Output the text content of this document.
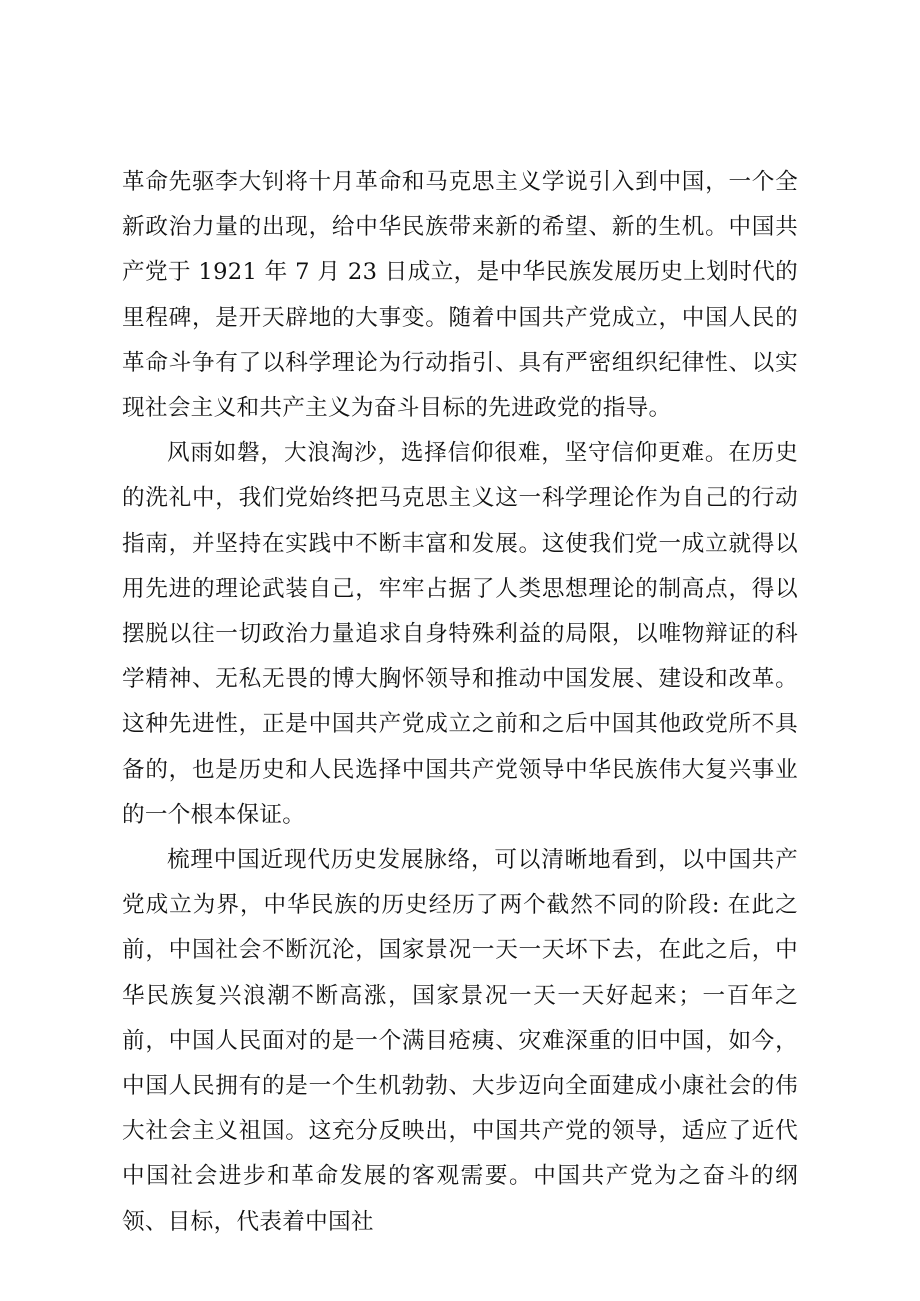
革命先驱李大钊将十月革命和马克思主义学说引入到中国，一个全新政治力量的出现，给中华民族带来新的希望、新的生机。中国共产党于 1921 年 7 月 23 日成立，是中华民族发展历史上划时代的里程碑，是开天辟地的大事变。随着中国共产党成立，中国人民的革命斗争有了以科学理论为行动指引、具有严密组织纪律性、以实现社会主义和共产主义为奋斗目标的先进政党的指导。

风雨如磐，大浪淘沙，选择信仰很难，坚守信仰更难。在历史的洗礼中，我们党始终把马克思主义这一科学理论作为自己的行动指南，并坚持在实践中不断丰富和发展。这使我们党一成立就得以用先进的理论武装自己，牢牢占据了人类思想理论的制高点，得以摆脱以往一切政治力量追求自身特殊利益的局限，以唯物辩证的科学精神、无私无畏的博大胸怀领导和推动中国发展、建设和改革。这种先进性，正是中国共产党成立之前和之后中国其他政党所不具备的，也是历史和人民选择中国共产党领导中华民族伟大复兴事业的一个根本保证。

梳理中国近现代历史发展脉络，可以清晰地看到，以中国共产党成立为界，中华民族的历史经历了两个截然不同的阶段: 在此之前，中国社会不断沉沦，国家景况一天一天坏下去，在此之后，中华民族复兴浪潮不断高涨，国家景况一天一天好起来；一百年之前，中国人民面对的是一个满目疮痍、灾难深重的旧中国，如今，中国人民拥有的是一个生机勃勃、大步迈向全面建成小康社会的伟大社会主义祖国。这充分反映出，中国共产党的领导，适应了近代中国社会进步和革命发展的客观需要。中国共产党为之奋斗的纲领、目标，代表着中国社
